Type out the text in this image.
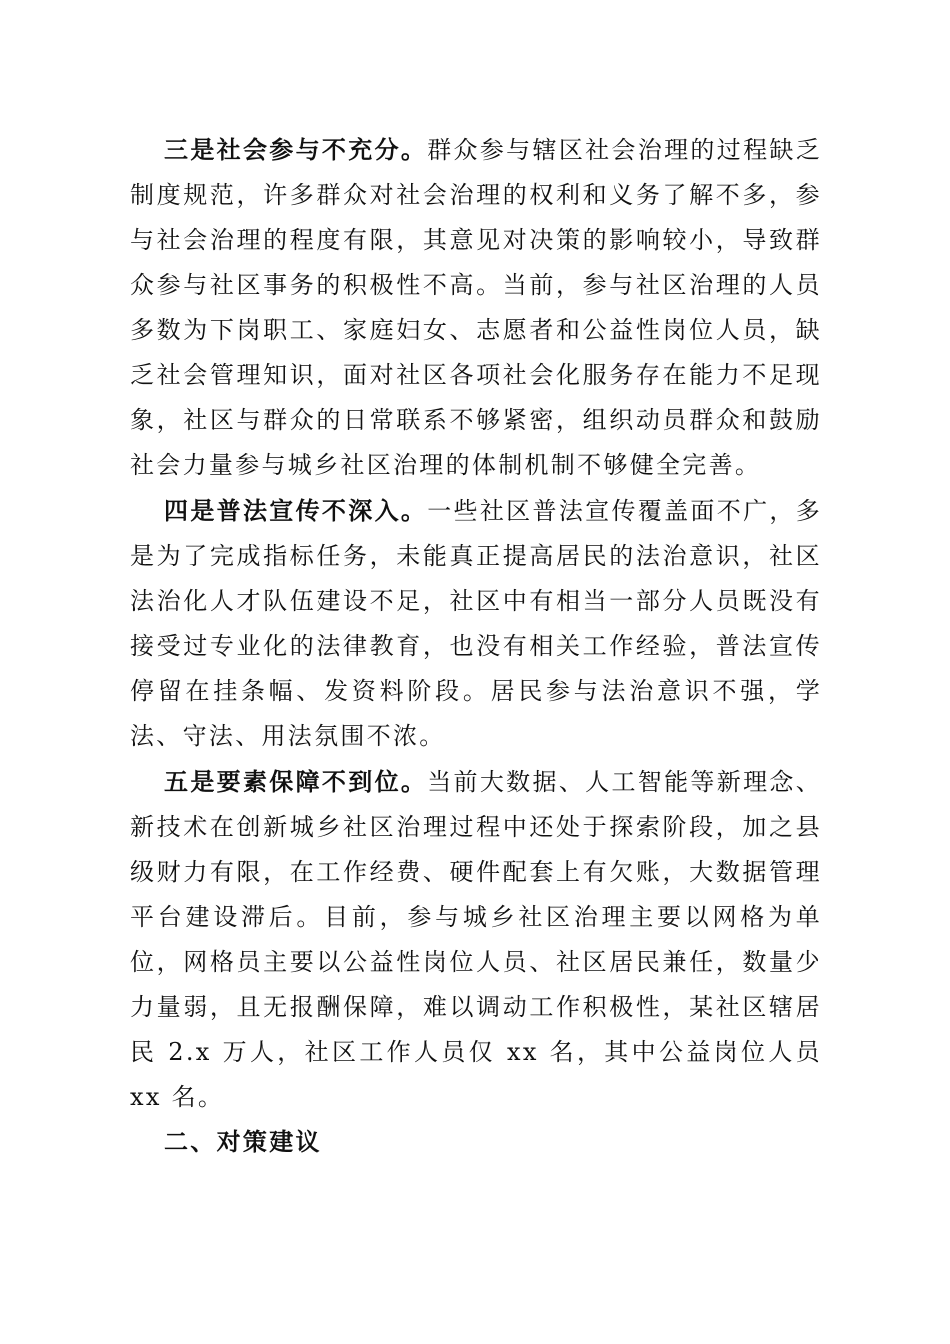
三是社会参与不充分。群众参与辖区社会治理的过程缺乏制度规范，许多群众对社会治理的权利和义务了解不多，参与社会治理的程度有限，其意见对决策的影响较小，导致群众参与社区事务的积极性不高。当前，参与社区治理的人员多数为下岗职工、家庭妇女、志愿者和公益性岗位人员，缺乏社会管理知识，面对社区各项社会化服务存在能力不足现象，社区与群众的日常联系不够紧密，组织动员群众和鼓励社会力量参与城乡社区治理的体制机制不够健全完善。

四是普法宣传不深入。一些社区普法宣传覆盖面不广，多是为了完成指标任务，未能真正提高居民的法治意识，社区法治化人才队伍建设不足，社区中有相当一部分人员既没有接受过专业化的法律教育，也没有相关工作经验，普法宣传停留在挂条幅、发资料阶段。居民参与法治意识不强，学法、守法、用法氛围不浓。

五是要素保障不到位。当前大数据、人工智能等新理念、新技术在创新城乡社区治理过程中还处于探索阶段，加之县级财力有限，在工作经费、硬件配套上有欠账，大数据管理平台建设滞后。目前，参与城乡社区治理主要以网格为单位，网格员主要以公益性岗位人员、社区居民兼任，数量少力量弱，且无报酬保障，难以调动工作积极性，某社区辖居民 2.x 万人，社区工作人员仅 xx 名，其中公益岗位人员 xx 名。

二、对策建议
